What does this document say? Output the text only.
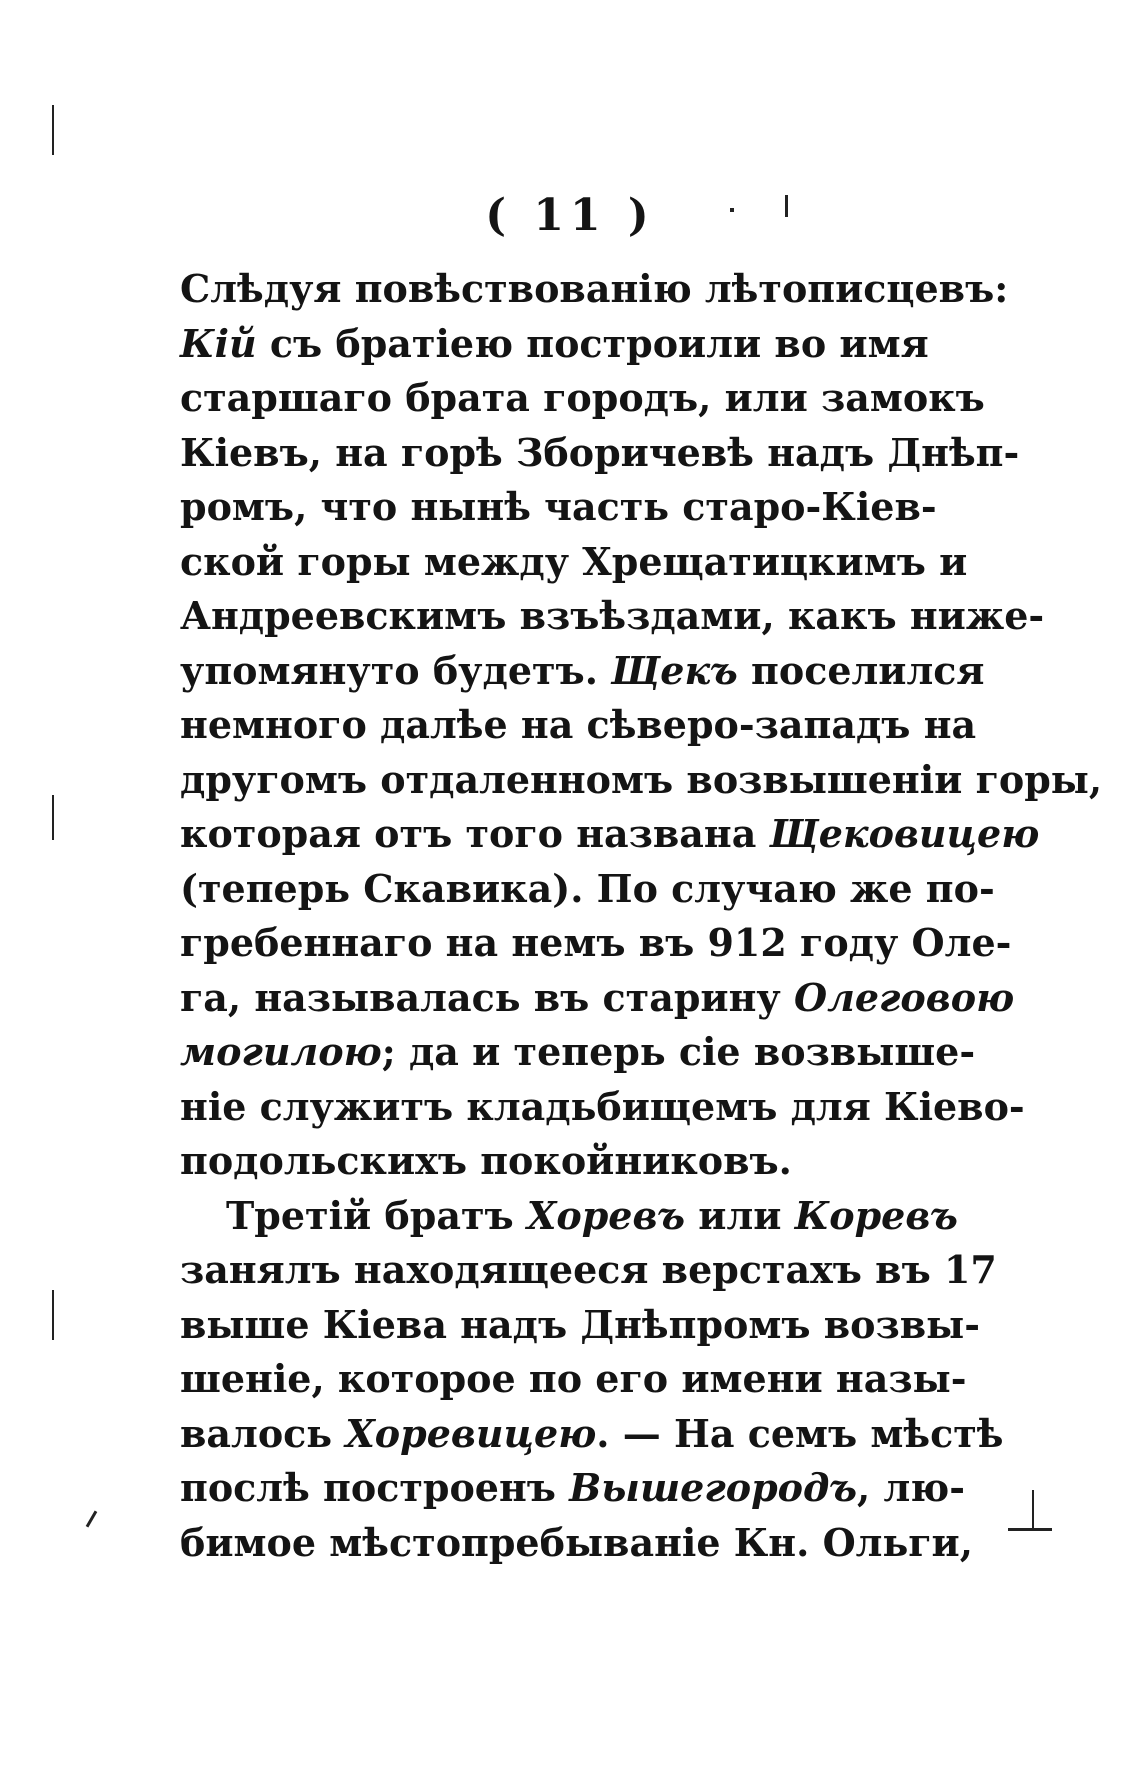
( 11 )
Слѣдуя повѣствованію лѣтописцевъ:
Кій съ братіею построили во имя
старшаго брата городъ, или замокъ
Кіевъ, на горѣ Зборичевѣ надъ Днѣп-
ромъ, что нынѣ часть старо-Кіев-
ской горы между Хрещатицкимъ и
Андреевскимъ взъѣздами, какъ ниже-
упомянуто будетъ. Щекъ поселился
немного далѣе на сѣверо-западъ на
другомъ отдаленномъ возвышеніи горы,
которая отъ того названа Щековицею
(теперь Скавика). По случаю же по-
гребеннаго на немъ въ 912 году Оле-
га, называлась въ старину Олеговою
могилою; да и теперь сіе возвыше-
ніе служитъ кладьбищемъ для Кіево-
подольскихъ покойниковъ.
Третій братъ Хоревъ или Коревъ
занялъ находящееся верстахъ въ 17
выше Кіева надъ Днѣпромъ возвы-
шеніе, которое по его имени назы-
валось Хоревицею. — На семъ мѣстѣ
послѣ построенъ Вышегородъ, лю-
бимое мѣстопребываніе Кн. Ольги,
